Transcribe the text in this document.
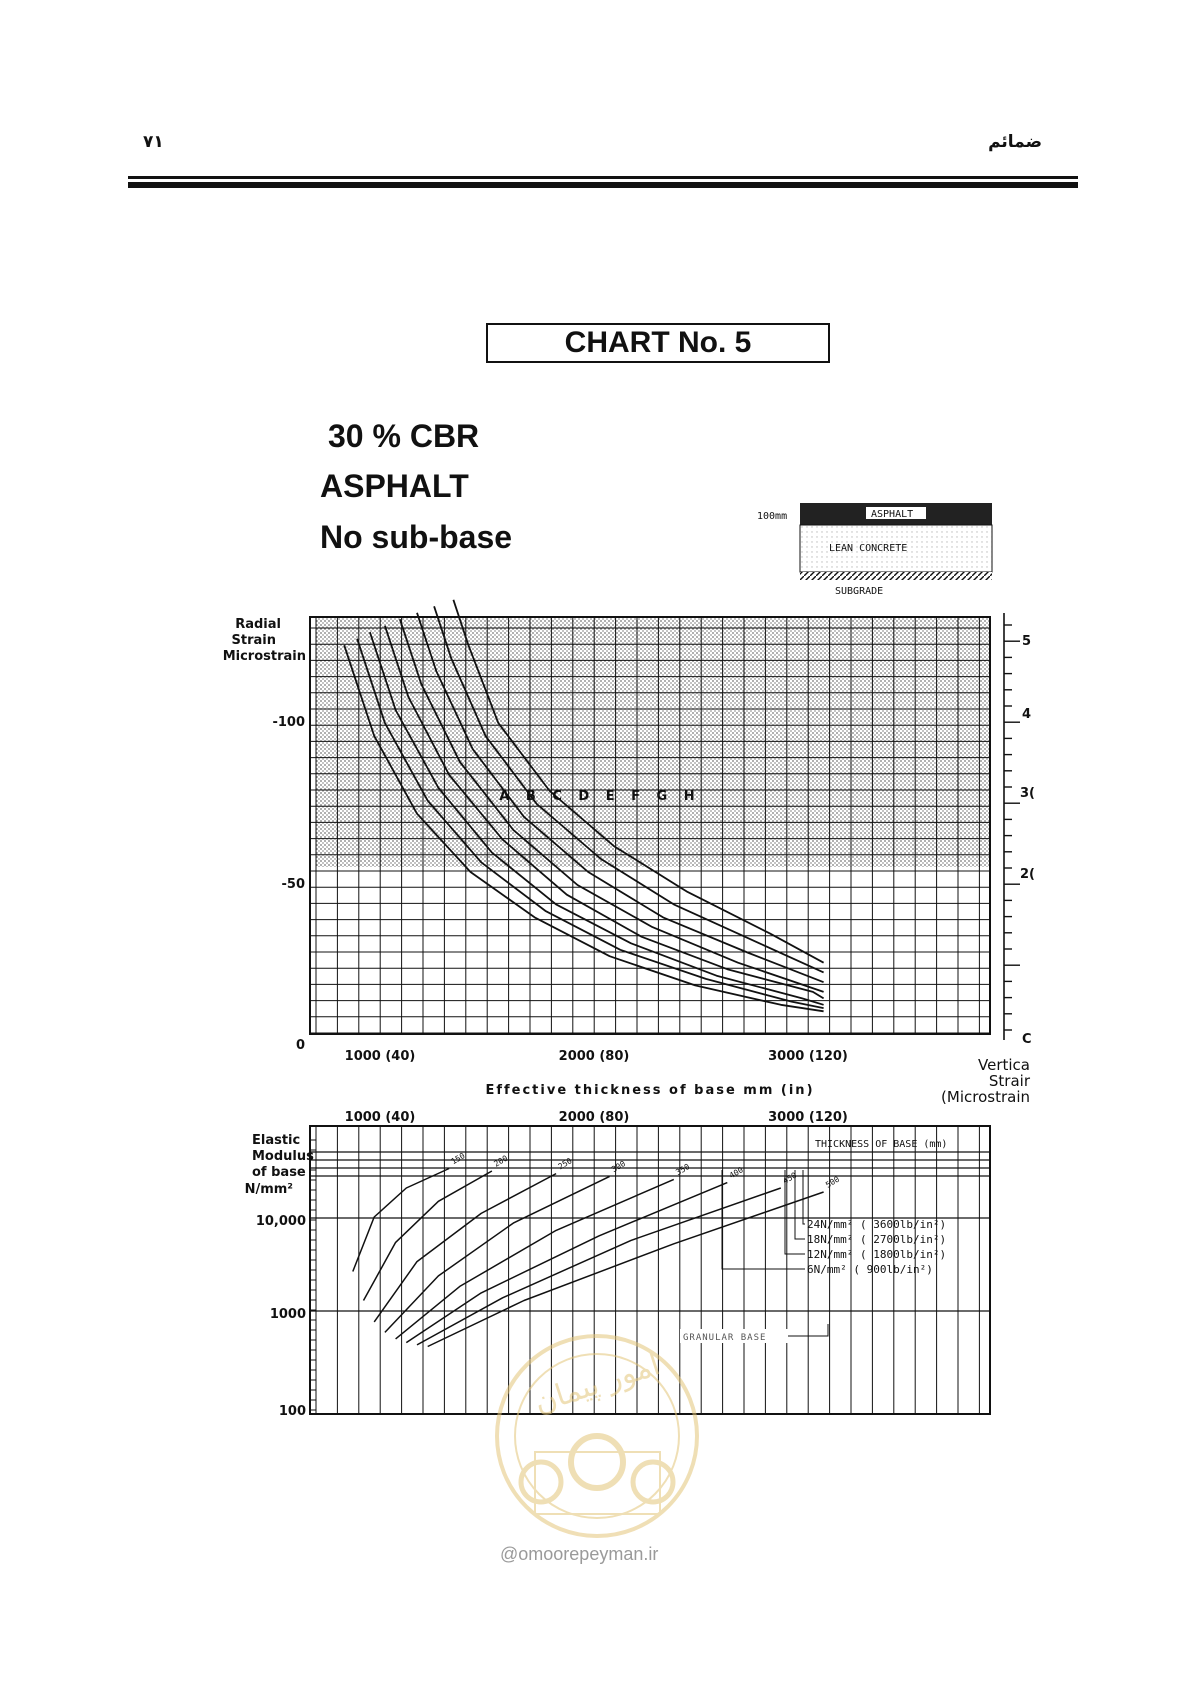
۷۱	ضمائم
CHART No. 5
30 % CBR
ASPHALT
No sub-base
100mm	ASPHALT
LEAN CONCRETE
SUBGRADE
A B C D E F G H
Radial
Strain
Microstrain
-100
-50
0
1000 (40)	2000 (80)	3000 (120)
Effective thickness of base mm (in)
5
4
3(
2(
C
Vertica
Strair
(Microstrain
1000 (40)	2000 (80)	3000 (120)
150	200	250	300	350	400	450	500
Elastic
Modulus
of base
N/mm²
10,000
1000
100
THICKNESS OF BASE (mm)
24N/mm² ( 3600lb/in²)
18N/mm² ( 2700lb/in²)
12N/mm² ( 1800lb/in²)
6N/mm² ( 900lb/in²)
GRANULAR BASE
امور پیمان
@omoorepeyman.ir
